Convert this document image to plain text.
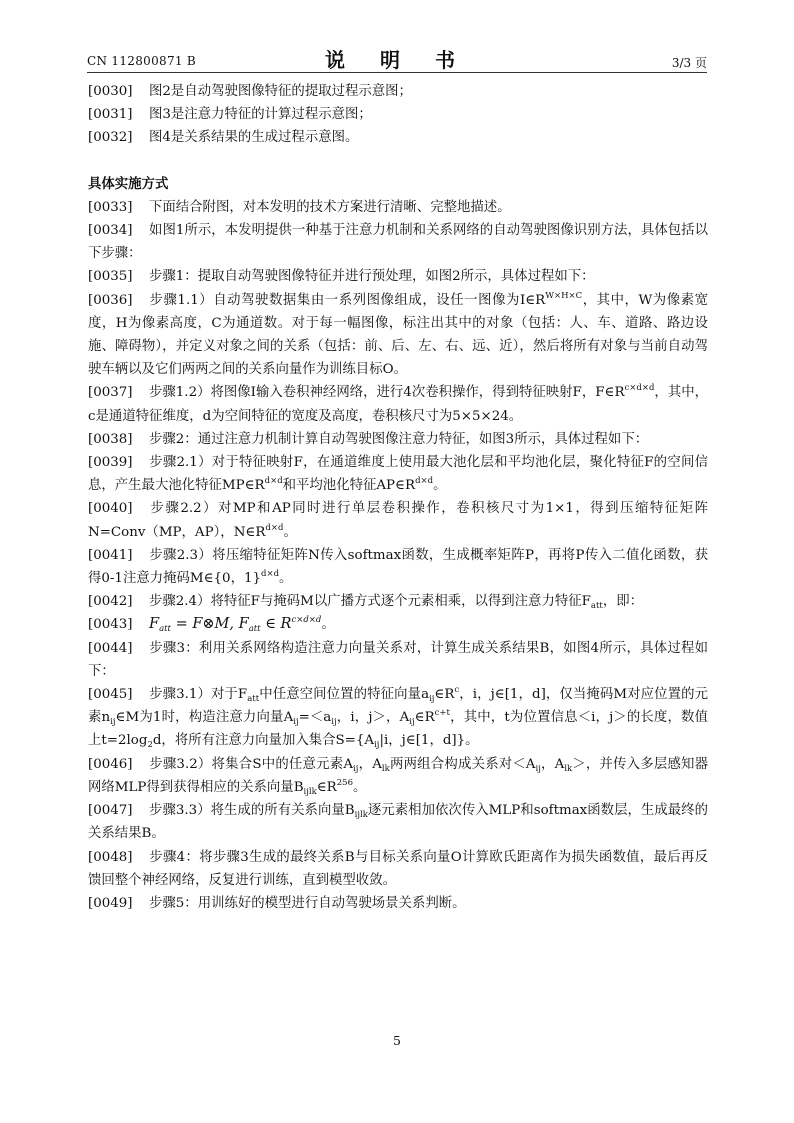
CN 112800871 B	说 明 书	3/3 页

[0030] 图2是自动驾驶图像特征的提取过程示意图；

[0031] 图3是注意力特征的计算过程示意图；

[0032] 图4是关系结果的生成过程示意图。

具体实施方式

[0033] 下面结合附图，对本发明的技术方案进行清晰、完整地描述。

[0034] 如图1所示，本发明提供一种基于注意力机制和关系网络的自动驾驶图像识别方法，具体包括以下步骤：

[0035] 步骤1：提取自动驾驶图像特征并进行预处理，如图2所示，具体过程如下：

[0036] 步骤1.1）自动驾驶数据集由一系列图像组成，设任一图像为$I\in R^{W\times H\times C}$，其中，W为像素宽度，H为像素高度，C为通道数。对于每一幅图像，标注出其中的对象（包括：人、车、道路、路边设施、障碍物），并定义对象之间的关系（包括：前、后、左、右、远、近），然后将所有对象与当前自动驾驶车辆以及它们两两之间的关系向量作为训练目标O。

[0037] 步骤1.2）将图像I输入卷积神经网络，进行4次卷积操作，得到特征映射F，$F\in R^{c\times d\times d}$，其中，c是通道特征维度，d为空间特征的宽度及高度，卷积核尺寸为5×5×24。

[0038] 步骤2：通过注意力机制计算自动驾驶图像注意力特征，如图3所示，具体过程如下：

[0039] 步骤2.1）对于特征映射F，在通道维度上使用最大池化层和平均池化层，聚化特征F的空间信息，产生最大池化特征$MP\in R^{d\times d}$和平均池化特征$AP\in R^{d\times d}$。

[0040] 步骤2.2）对MP和AP同时进行单层卷积操作，卷积核尺寸为1×1，得到压缩特征矩阵N=Conv（MP，AP），$N\in R^{d\times d}$。

[0041] 步骤2.3）将压缩特征矩阵N传入softmax函数，生成概率矩阵P，再将P传入二值化函数，获得0-1注意力掩码M∈{0，1}$^{d\times d}$。

[0042] 步骤2.4）将特征F与掩码M以广播方式逐个元素相乘，以得到注意力特征$F_{att}$，即：

[0043] $F_{att}$ = F⊗M, $F_{att}$ ∈ $R^{c\times d\times d}$。

[0044] 步骤3：利用关系网络构造注意力向量关系对，计算生成关系结果B，如图4所示，具体过程如下：

[0045] 步骤3.1）对于$F_{att}$中任意空间位置的特征向量$a_{ij}\in R^c$，i，j∈[1，d]，仅当掩码M对应位置的元素$n_{ij}\in M$为1时，构造注意力向量$A_{ij}=<a_{ij}$，i，j＞，$A_{ij}\in R^{c+t}$，其中，t为位置信息＜i，j＞的长度，数值上$t=2\log_2d$，将所有注意力向量加入集合$S=\{A_{ij}|i$，j∈[1，d]}。

[0046] 步骤3.2）将集合S中的任意元素$A_{ij}$，$A_{lk}$两两组合构成关系对$<A_{ij}$，$A_{lk}>$，并传入多层感知器网络MLP得到获得相应的关系向量$B_{ijlk}\in R^{256}$。

[0047] 步骤3.3）将生成的所有关系向量$B_{ijlk}$逐元素相加依次传入MLP和softmax函数层，生成最终的关系结果B。

[0048] 步骤4：将步骤3生成的最终关系B与目标关系向量O计算欧氏距离作为损失函数值，最后再反馈回整个神经网络，反复进行训练，直到模型收敛。

[0049] 步骤5：用训练好的模型进行自动驾驶场景关系判断。

5
